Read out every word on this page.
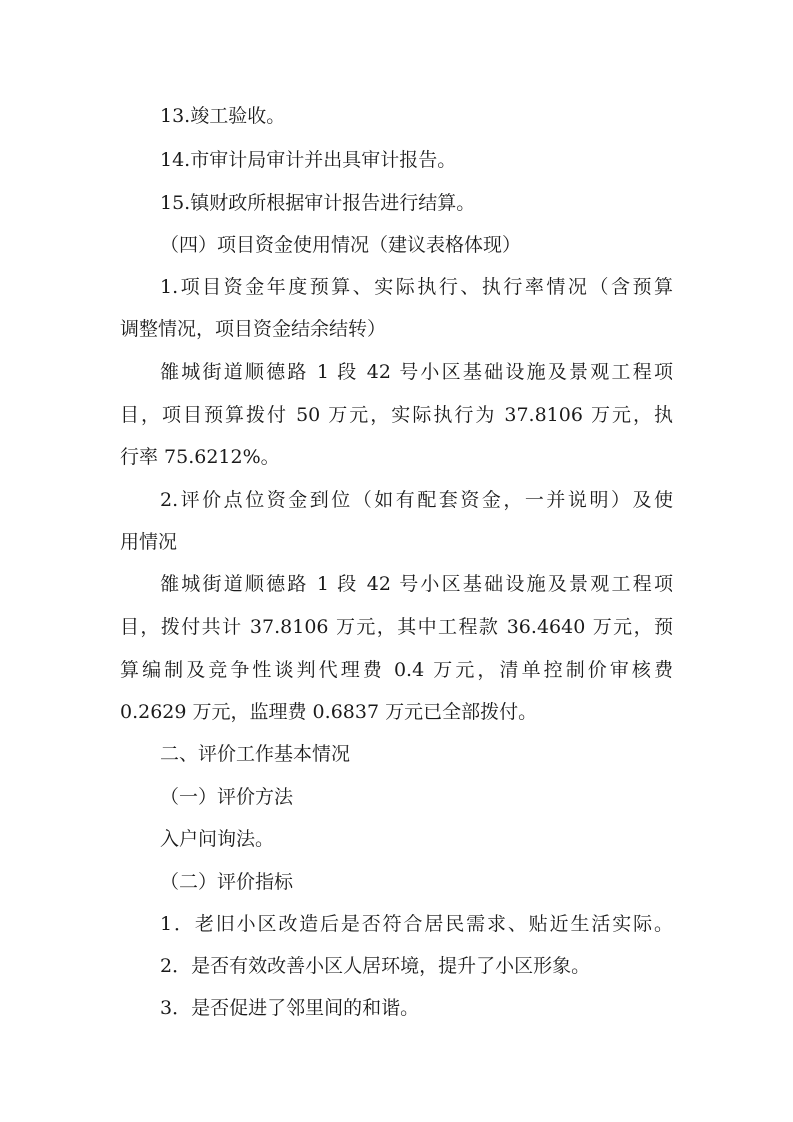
13.竣工验收。
14.市审计局审计并出具审计报告。
15.镇财政所根据审计报告进行结算。
（四）项目资金使用情况（建议表格体现）
1.项目资金年度预算、实际执行、执行率情况（含预算
调整情况，项目资金结余结转）
雒城街道顺德路 1 段 42 号小区基础设施及景观工程项
目，项目预算拨付 50 万元，实际执行为 37.8106 万元，执
行率 75.6212%。
2.评价点位资金到位（如有配套资金，一并说明）及使
用情况
雒城街道顺德路 1 段 42 号小区基础设施及景观工程项
目，拨付共计 37.8106 万元，其中工程款 36.4640 万元，预
算编制及竞争性谈判代理费 0.4 万元，清单控制价审核费
0.2629 万元，监理费 0.6837 万元已全部拨付。
二、评价工作基本情况
（一）评价方法
入户问询法。
（二）评价指标
1．老旧小区改造后是否符合居民需求、贴近生活实际。
2．是否有效改善小区人居环境，提升了小区形象。
3．是否促进了邻里间的和谐。
